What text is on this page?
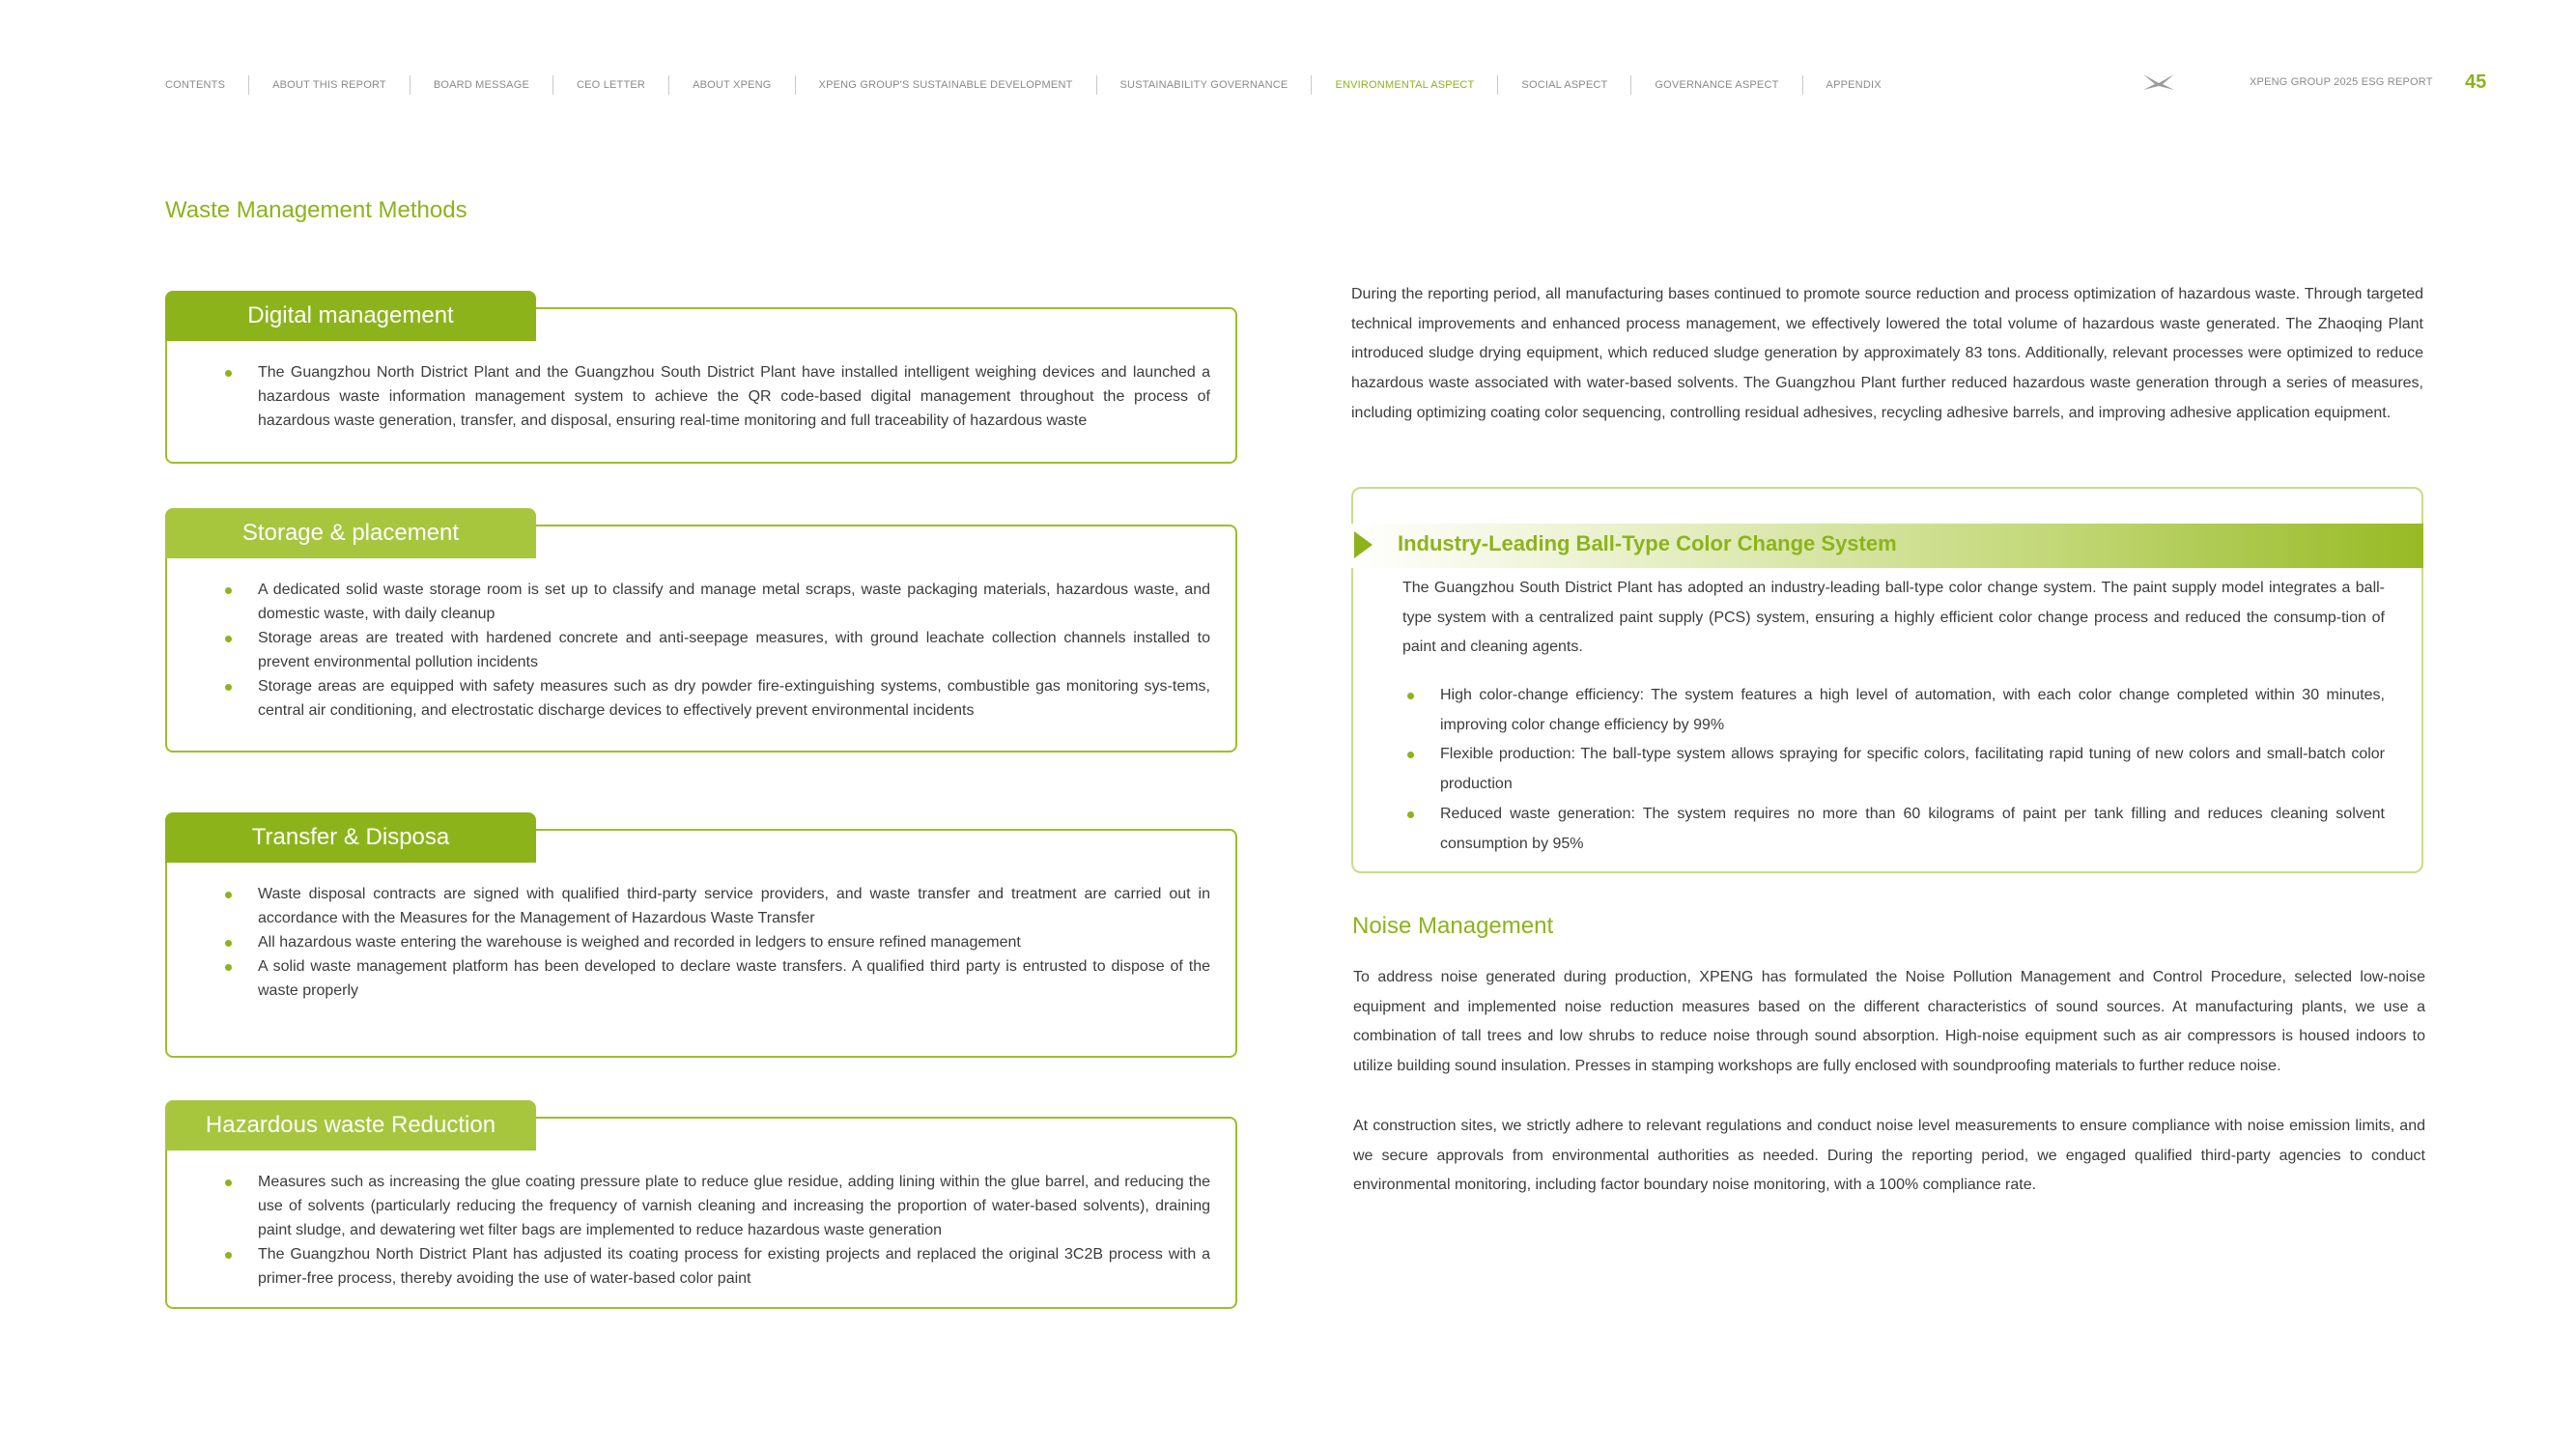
CONTENTS	ABOUT THIS REPORT	BOARD MESSAGE	CEO LETTER	ABOUT XPENG	XPENG GROUP'S SUSTAINABLE DEVELOPMENT	SUSTAINABILITY GOVERNANCE	ENVIRONMENTAL ASPECT	SOCIAL ASPECT	GOVERNANCE ASPECT	APPENDIX	XPENG GROUP 2025 ESG REPORT 45
Waste Management Methods
The Guangzhou North District Plant and the Guangzhou South District Plant have installed intelligent weighing devices and launched a hazardous waste information management system to achieve the QR code-based digital management throughout the process of hazardous waste generation, transfer, and disposal, ensuring real-time monitoring and full traceability of hazardous waste
Digital management
A dedicated solid waste storage room is set up to classify and manage metal scraps, waste packaging materials, hazardous waste, and domestic waste, with daily cleanup
Storage areas are treated with hardened concrete and anti-seepage measures, with ground leachate collection channels installed to prevent environmental pollution incidents
Storage areas are equipped with safety measures such as dry powder fire-extinguishing systems, combustible gas monitoring sys-tems, central air conditioning, and electrostatic discharge devices to effectively prevent environmental incidents
Storage & placement
Waste disposal contracts are signed with qualified third-party service providers, and waste transfer and treatment are carried out in accordance with the Measures for the Management of Hazardous Waste Transfer
All hazardous waste entering the warehouse is weighed and recorded in ledgers to ensure refined management
A solid waste management platform has been developed to declare waste transfers. A qualified third party is entrusted to dispose of the waste properly
Transfer & Disposa
Measures such as increasing the glue coating pressure plate to reduce glue residue, adding lining within the glue barrel, and reducing the use of solvents (particularly reducing the frequency of varnish cleaning and increasing the proportion of water-based solvents), draining paint sludge, and dewatering wet filter bags are implemented to reduce hazardous waste generation
The Guangzhou North District Plant has adjusted its coating process for existing projects and replaced the original 3C2B process with a primer-free process, thereby avoiding the use of water-based color paint
Hazardous waste Reduction

During the reporting period, all manufacturing bases continued to promote source reduction and process optimization of hazardous waste. Through targeted technical improvements and enhanced process management, we effectively lowered the total volume of hazardous waste generated. The Zhaoqing Plant introduced sludge drying equipment, which reduced sludge generation by approximately 83 tons. Additionally, relevant processes were optimized to reduce hazardous waste associated with water-based solvents. The Guangzhou Plant further reduced hazardous waste generation through a series of measures, including optimizing coating color sequencing, controlling residual adhesives, recycling adhesive barrels, and improving adhesive application equipment.

Industry-Leading Ball-Type Color Change System

The Guangzhou South District Plant has adopted an industry-leading ball-type color change system. The paint supply model integrates a ball-type system with a centralized paint supply (PCS) system, ensuring a highly efficient color change process and reduced the consump-tion of paint and cleaning agents.

High color-change efficiency: The system features a high level of automation, with each color change completed within 30 minutes, improving color change efficiency by 99%
Flexible production: The ball-type system allows spraying for specific colors, facilitating rapid tuning of new colors and small-batch color production
Reduced waste generation: The system requires no more than 60 kilograms of paint per tank filling and reduces cleaning solvent consumption by 95%
Noise Management

To address noise generated during production, XPENG has formulated the Noise Pollution Management and Control Procedure, selected low-noise equipment and implemented noise reduction measures based on the different characteristics of sound sources. At manufacturing plants, we use a combination of tall trees and low shrubs to reduce noise through sound absorption. High-noise equipment such as air compressors is housed indoors to utilize building sound insulation. Presses in stamping workshops are fully enclosed with soundproofing materials to further reduce noise.

At construction sites, we strictly adhere to relevant regulations and conduct noise level measurements to ensure compliance with noise emission limits, and we secure approvals from environmental authorities as needed. During the reporting period, we engaged qualified third-party agencies to conduct environmental monitoring, including factor boundary noise monitoring, with a 100% compliance rate.
